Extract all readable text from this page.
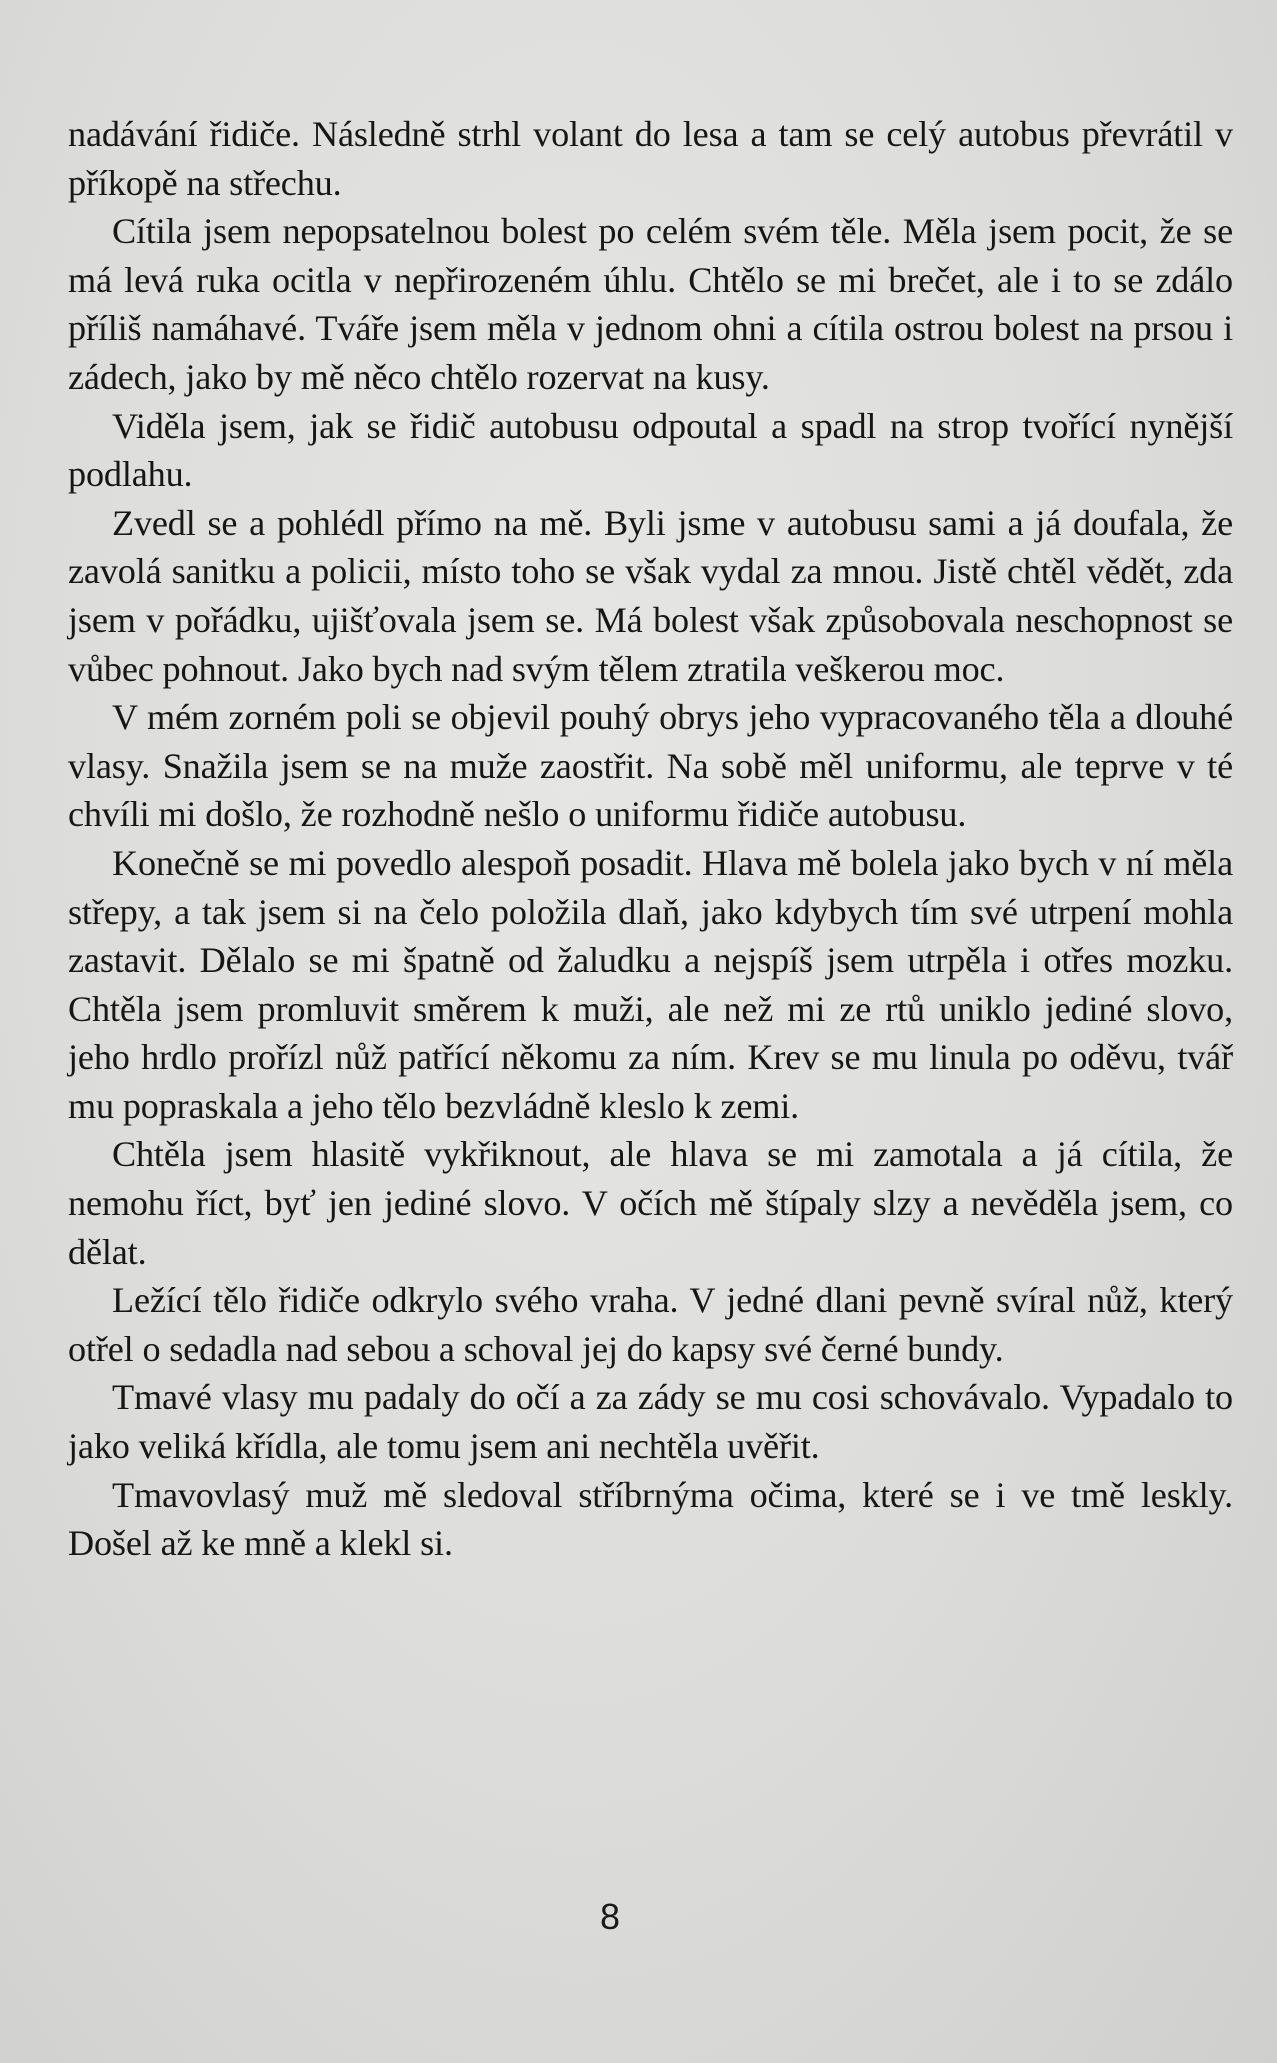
nadávání řidiče. Následně strhl volant do lesa a tam se celý autobus převrátil v příkopě na střechu.

Cítila jsem nepopsatelnou bolest po celém svém těle. Měla jsem pocit, že se má levá ruka ocitla v nepřirozeném úhlu. Chtělo se mi brečet, ale i to se zdálo příliš namáhavé. Tváře jsem měla v jednom ohni a cítila ostrou bolest na prsou i zádech, jako by mě něco chtělo rozervat na kusy.

Viděla jsem, jak se řidič autobusu odpoutal a spadl na strop tvořící nynější podlahu.

Zvedl se a pohlédl přímo na mě. Byli jsme v autobusu sami a já doufala, že zavolá sanitku a policii, místo toho se však vydal za mnou. Jistě chtěl vědět, zda jsem v pořádku, ujišťovala jsem se. Má bolest však způsobovala neschopnost se vůbec pohnout. Jako bych nad svým tělem ztratila veškerou moc.

V mém zorném poli se objevil pouhý obrys jeho vypracovaného těla a dlouhé vlasy. Snažila jsem se na muže zaostřit. Na sobě měl uniformu, ale teprve v té chvíli mi došlo, že rozhodně nešlo o uniformu řidiče autobusu.

Konečně se mi povedlo alespoň posadit. Hlava mě bolela jako bych v ní měla střepy, a tak jsem si na čelo položila dlaň, jako kdybych tím své utrpení mohla zastavit. Dělalo se mi špatně od žaludku a nejspíš jsem utrpěla i otřes mozku. Chtěla jsem promluvit směrem k muži, ale než mi ze rtů uniklo jediné slovo, jeho hrdlo prořízl nůž patřící někomu za ním. Krev se mu linula po oděvu, tvář mu popraskala a jeho tělo bezvládně kleslo k zemi.

Chtěla jsem hlasitě vykřiknout, ale hlava se mi zamotala a já cítila, že nemohu říct, byť jen jediné slovo. V očích mě štípaly slzy a nevěděla jsem, co dělat.

Ležící tělo řidiče odkrylo svého vraha. V jedné dlani pevně svíral nůž, který otřel o sedadla nad sebou a schoval jej do kapsy své černé bundy.

Tmavé vlasy mu padaly do očí a za zády se mu cosi schovávalo. Vypadalo to jako veliká křídla, ale tomu jsem ani nechtěla uvěřit.

Tmavovlasý muž mě sledoval stříbrnýma očima, které se i ve tmě leskly. Došel až ke mně a klekl si.

8
